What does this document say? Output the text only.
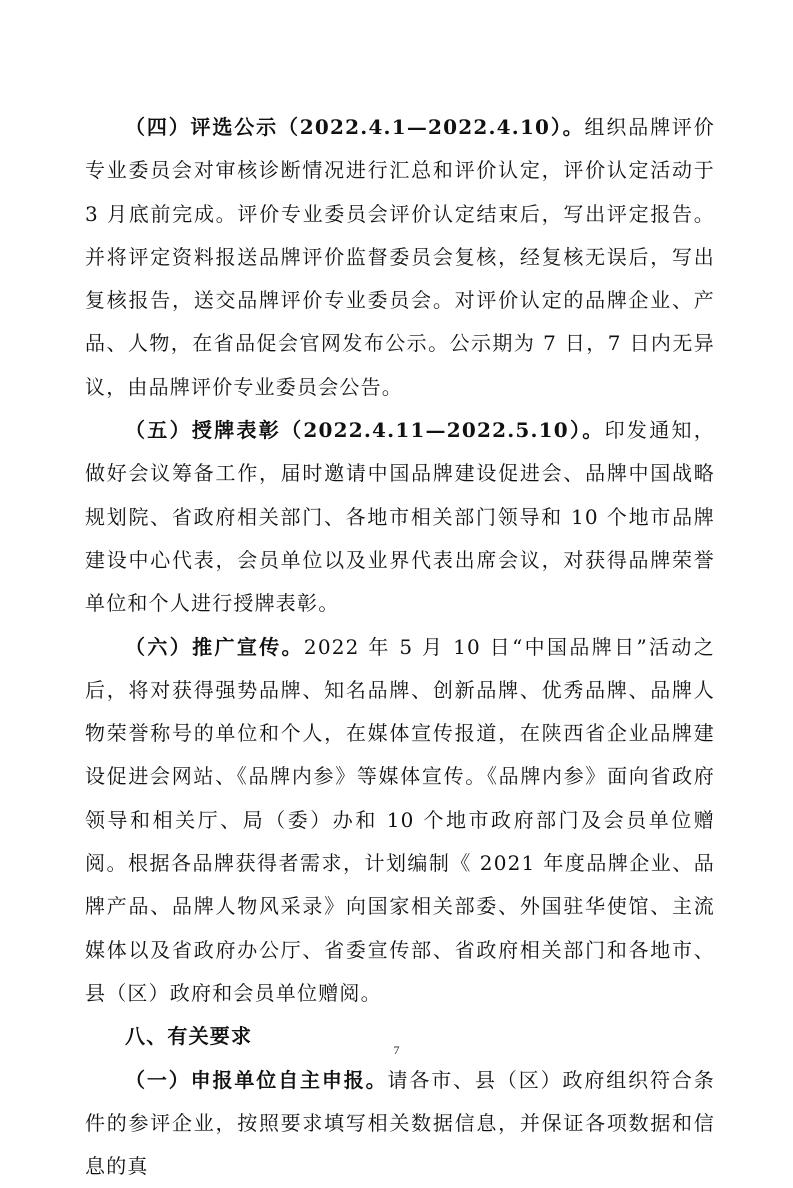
（四）评选公示（2022.4.1—2022.4.10）。组织品牌评价专业委员会对审核诊断情况进行汇总和评价认定，评价认定活动于 3 月底前完成。评价专业委员会评价认定结束后，写出评定报告。并将评定资料报送品牌评价监督委员会复核，经复核无误后，写出复核报告，送交品牌评价专业委员会。对评价认定的品牌企业、产品、人物，在省品促会官网发布公示。公示期为 7 日，7 日内无异议，由品牌评价专业委员会公告。

（五）授牌表彰（2022.4.11—2022.5.10）。印发通知，做好会议筹备工作，届时邀请中国品牌建设促进会、品牌中国战略规划院、省政府相关部门、各地市相关部门领导和 10 个地市品牌建设中心代表，会员单位以及业界代表出席会议，对获得品牌荣誉单位和个人进行授牌表彰。

（六）推广宣传。2022 年 5 月 10 日“中国品牌日”活动之后，将对获得强势品牌、知名品牌、创新品牌、优秀品牌、品牌人物荣誉称号的单位和个人，在媒体宣传报道，在陕西省企业品牌建设促进会网站、《品牌内参》等媒体宣传。《品牌内参》面向省政府领导和相关厅、局（委）办和 10 个地市政府部门及会员单位赠阅。根据各品牌获得者需求，计划编制《 2021 年度品牌企业、品牌产品、品牌人物风采录》向国家相关部委、外国驻华使馆、主流媒体以及省政府办公厅、省委宣传部、省政府相关部门和各地市、县（区）政府和会员单位赠阅。

八、有关要求

（一）申报单位自主申报。请各市、县（区）政府组织符合条件的参评企业，按照要求填写相关数据信息，并保证各项数据和信息的真

7
